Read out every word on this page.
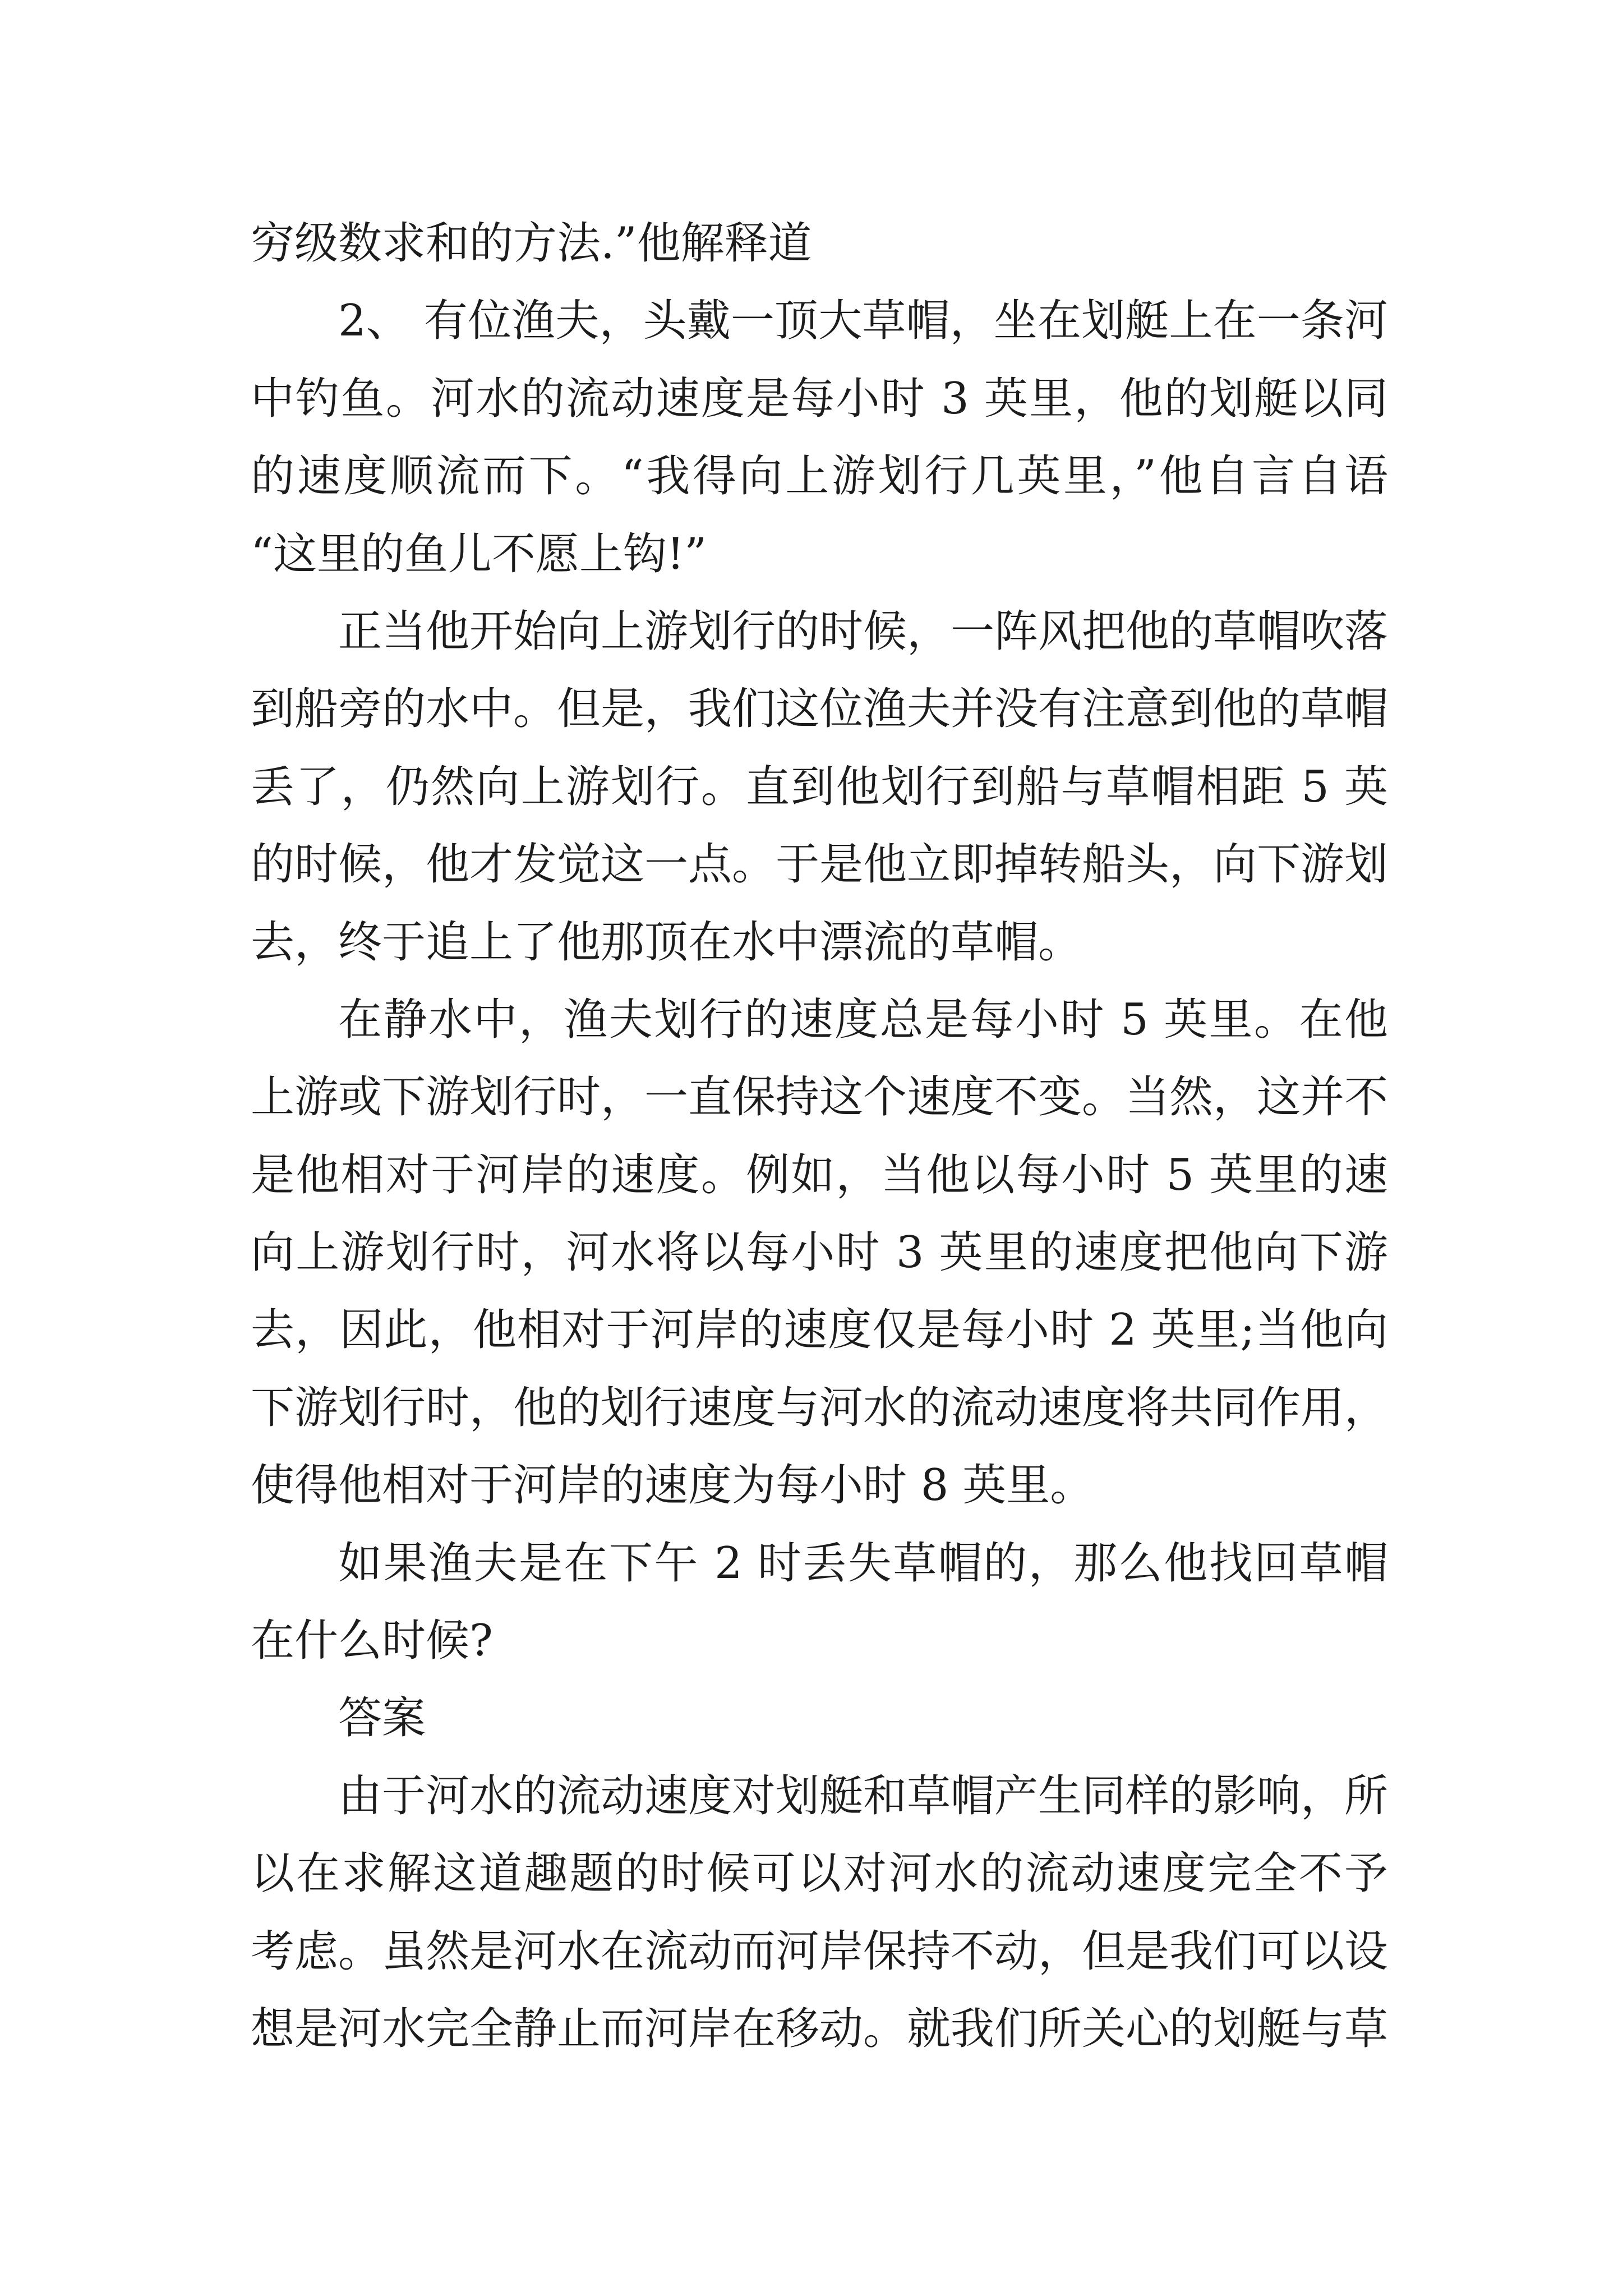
穷级数求和的方法.”他解释道
2、 有位渔夫，头戴一顶大草帽，坐在划艇上在一条河
中钓鱼。河水的流动速度是每小时 3 英里，他的划艇以同
的速度顺流而下。“我得向上游划行几英里，”他自言自语
“这里的鱼儿不愿上钩!”
正当他开始向上游划行的时候，一阵风把他的草帽吹落
到船旁的水中。但是，我们这位渔夫并没有注意到他的草帽
丢了，仍然向上游划行。直到他划行到船与草帽相距 5 英
的时候，他才发觉这一点。于是他立即掉转船头，向下游划
去，终于追上了他那顶在水中漂流的草帽。
在静水中，渔夫划行的速度总是每小时 5 英里。在他
上游或下游划行时，一直保持这个速度不变。当然，这并不
是他相对于河岸的速度。例如，当他以每小时 5 英里的速
向上游划行时，河水将以每小时 3 英里的速度把他向下游
去，因此，他相对于河岸的速度仅是每小时 2 英里;当他向
下游划行时，他的划行速度与河水的流动速度将共同作用，
使得他相对于河岸的速度为每小时 8 英里。
如果渔夫是在下午 2 时丢失草帽的，那么他找回草帽
在什么时候?
答案
由于河水的流动速度对划艇和草帽产生同样的影响，所
以在求解这道趣题的时候可以对河水的流动速度完全不予
考虑。虽然是河水在流动而河岸保持不动，但是我们可以设
想是河水完全静止而河岸在移动。就我们所关心的划艇与草
